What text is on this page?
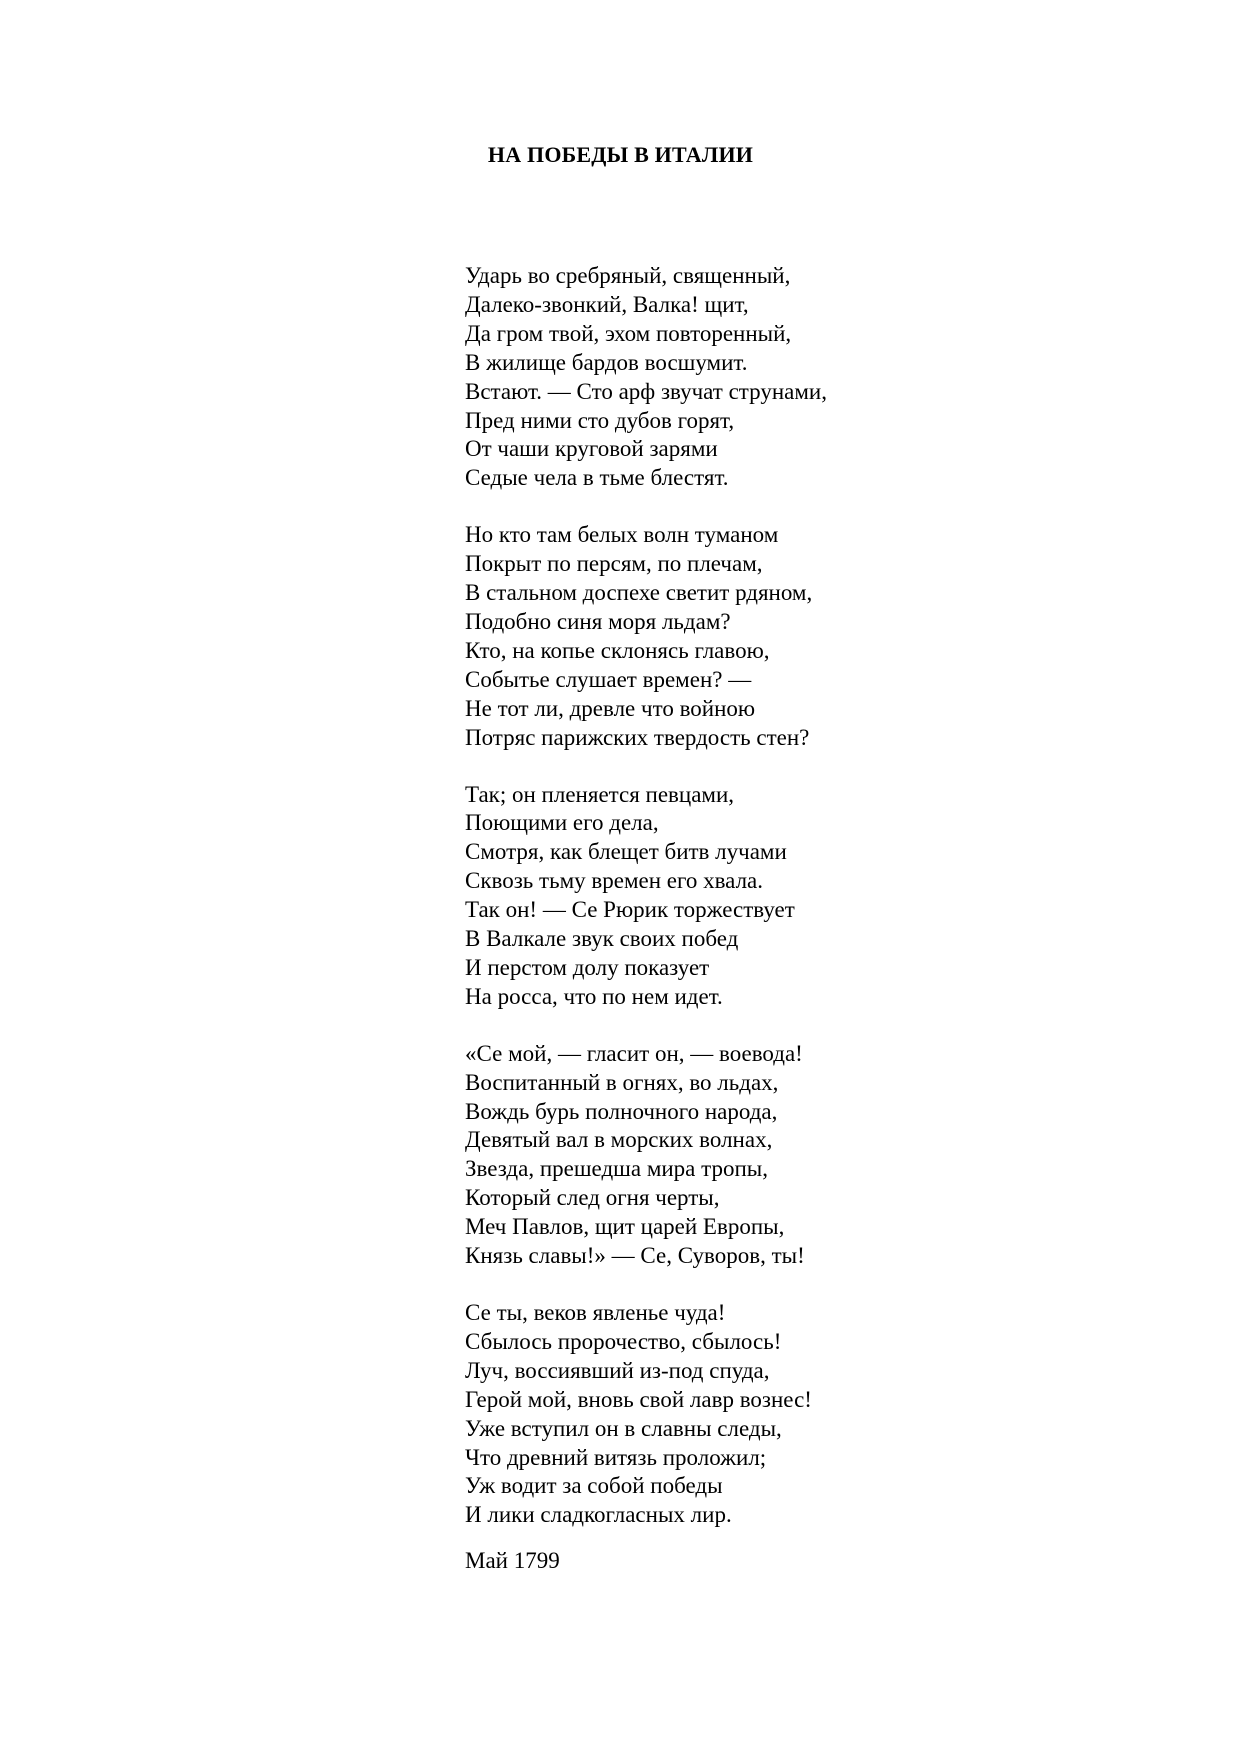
НА ПОБЕДЫ В ИТАЛИИ
Ударь во сребряный, священный,
Далеко-звонкий, Валка! щит,
Да гром твой, эхом повторенный,
В жилище бардов восшумит.
Встают. — Сто арф звучат струнами,
Пред ними сто дубов горят,
От чаши круговой зарями
Седые чела в тьме блестят.
Но кто там белых волн туманом
Покрыт по персям, по плечам,
В стальном доспехе светит рдяном,
Подобно синя моря льдам?
Кто, на копье склонясь главою,
Событье слушает времен? —
Не тот ли, древле что войною
Потряс парижских твердость стен?
Так; он пленяется певцами,
Поющими его дела,
Смотря, как блещет битв лучами
Сквозь тьму времен его хвала.
Так он! — Се Рюрик торжествует
В Валкале звук своих побед
И перстом долу показует
На росса, что по нем идет.
«Се мой, — гласит он, — воевода!
Воспитанный в огнях, во льдах,
Вождь бурь полночного народа,
Девятый вал в морских волнах,
Звезда, прешедша мира тропы,
Который след огня черты,
Меч Павлов, щит царей Европы,
Князь славы!» — Се, Суворов, ты!
Се ты, веков явленье чуда!
Сбылось пророчество, сбылось!
Луч, воссиявший из-под спуда,
Герой мой, вновь свой лавр вознес!
Уже вступил он в славны следы,
Что древний витязь проложил;
Уж водит за собой победы
И лики сладкогласных лир.
Май 1799
